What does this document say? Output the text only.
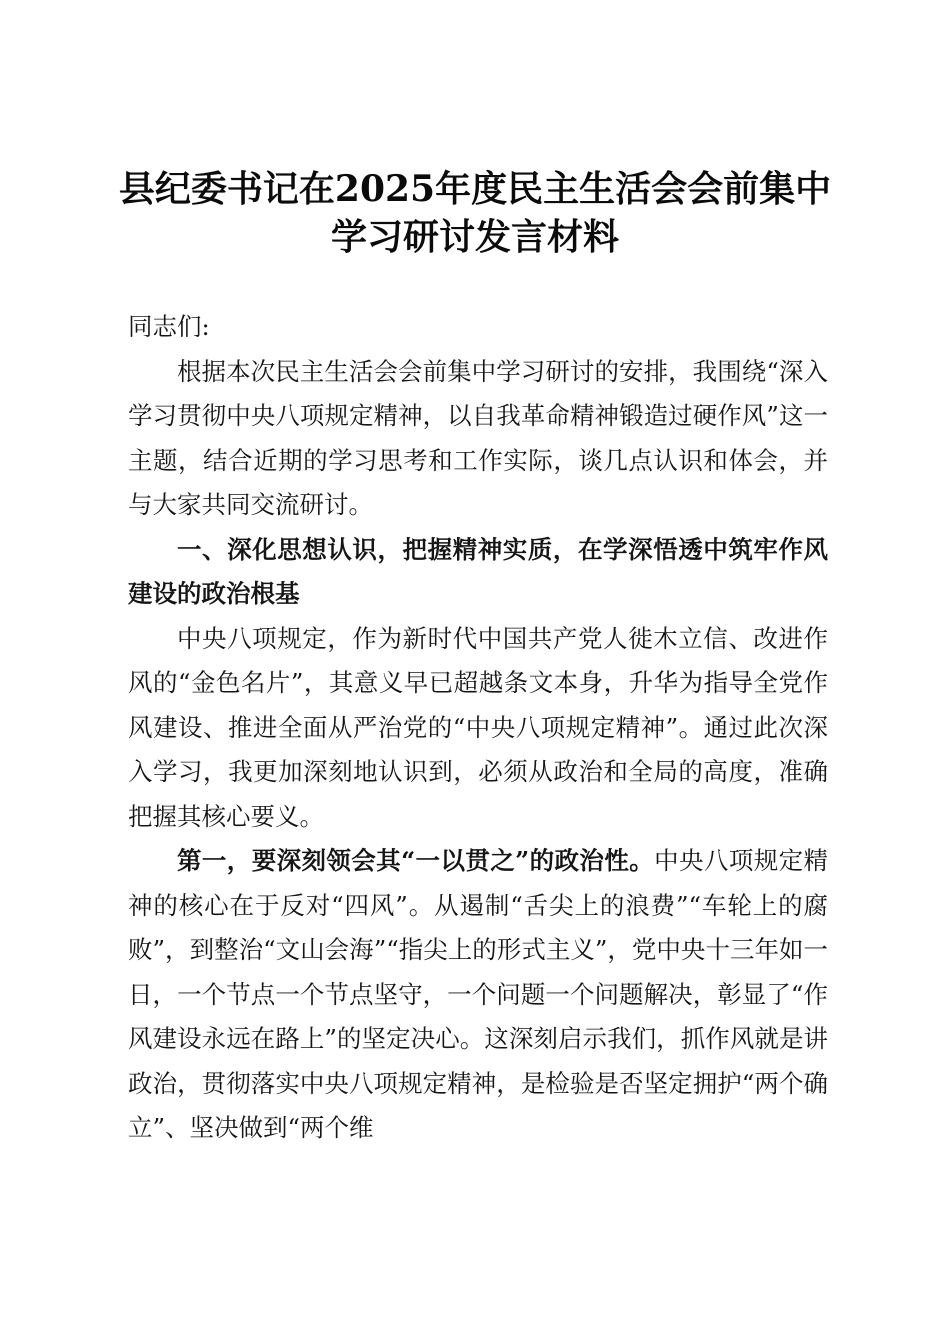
县纪委书记在2025年度民主生活会会前集中
学习研讨发言材料

同志们:

根据本次民主生活会会前集中学习研讨的安排，我围绕“深入学习贯彻中央八项规定精神，以自我革命精神锻造过硬作风”这一主题，结合近期的学习思考和工作实际，谈几点认识和体会，并与大家共同交流研讨。

一、深化思想认识，把握精神实质，在学深悟透中筑牢作风建设的政治根基

中央八项规定，作为新时代中国共产党人徙木立信、改进作风的“金色名片”，其意义早已超越条文本身，升华为指导全党作风建设、推进全面从严治党的“中央八项规定精神”。通过此次深入学习，我更加深刻地认识到，必须从政治和全局的高度，准确把握其核心要义。

第一，要深刻领会其“一以贯之”的政治性。中央八项规定精神的核心在于反对“四风”。从遏制“舌尖上的浪费”“车轮上的腐败”，到整治“文山会海”“指尖上的形式主义”，党中央十三年如一日，一个节点一个节点坚守，一个问题一个问题解决，彰显了“作风建设永远在路上”的坚定决心。这深刻启示我们，抓作风就是讲政治，贯彻落实中央八项规定精神，是检验是否坚定拥护“两个确立”、坚决做到“两个维
